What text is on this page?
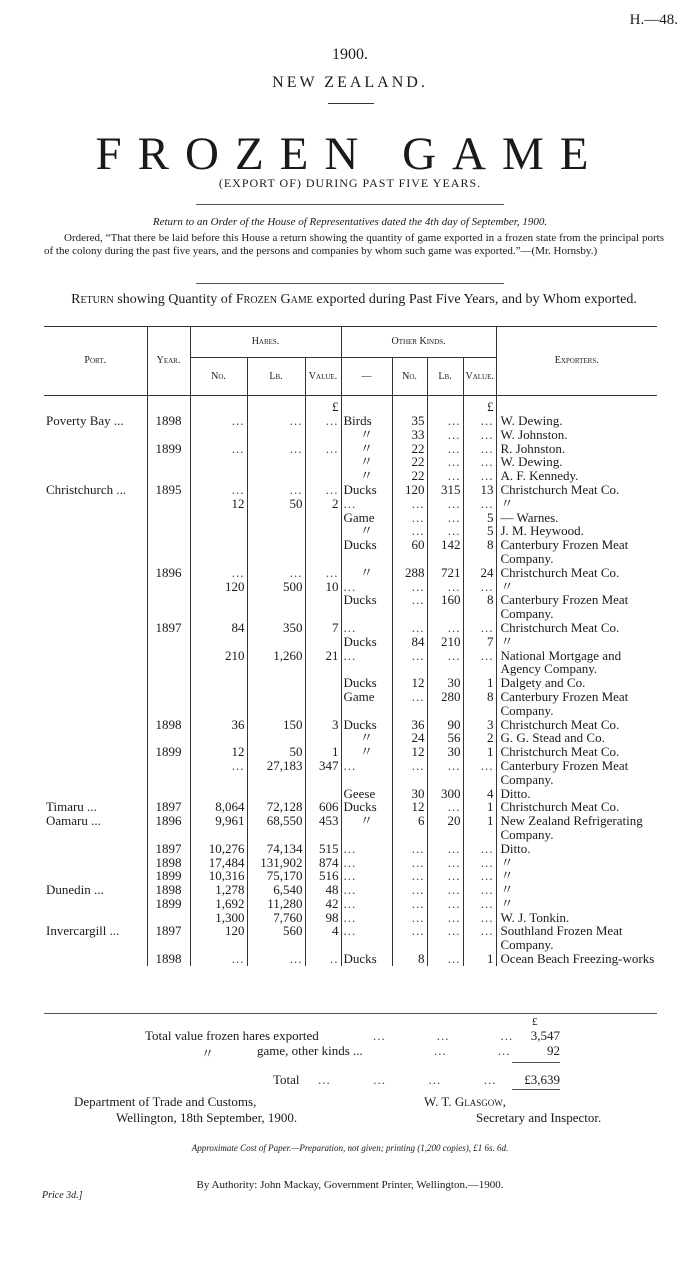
H.—48.
1900.
NEW ZEALAND.
FROZEN GAME
(EXPORT OF) DURING PAST FIVE YEARS.
Return to an Order of the House of Representatives dated the 4th day of September, 1900.
Ordered, “That there be laid before this House a return showing the quantity of game exported in a frozen state from the principal ports of the colony during the past five years, and the persons and companies by whom such game was exported.”—(Mr. Hornsby.)
Return showing Quantity of Frozen Game exported during Past Five Years, and by Whom exported.
Port.	Year.	Hares.			Other Kinds.				Exporters.
		No.	Lb.	Value.	—	No.	Lb.	Value.	
				£				£	
Poverty Bay ...	1898	...	...	...	Birds	35	...	...	W. Dewing.
					〃	33	...	...	W. Johnston.
	1899	...	...	...	〃	22	...	...	R. Johnston.
					〃	22	...	...	W. Dewing.
					〃	22	...	...	A. F. Kennedy.
Christchurch ...	1895	...	...	...	Ducks	120	315	13	Christchurch Meat Co.
		12	50	2	...	...	...	...	〃
					Game	...	...	5	— Warnes.
					〃	...	...	5	J. M. Heywood.
					Ducks	60	142	8	Canterbury Frozen Meat Company.
	1896	...	...	...	〃	288	721	24	Christchurch Meat Co.
		120	500	10	...	...	...	...	〃
					Ducks	...	160	8	Canterbury Frozen Meat Company.
	1897	84	350	7	...	...	...	...	Christchurch Meat Co.
					Ducks	84	210	7	〃
		210	1,260	21	...	...	...	...	National Mortgage and Agency Company.
					Ducks	12	30	1	Dalgety and Co.
					Game	...	280	8	Canterbury Frozen Meat Company.
	1898	36	150	3	Ducks	36	90	3	Christchurch Meat Co.
					〃	24	56	2	G. G. Stead and Co.
	1899	12	50	1	〃	12	30	1	Christchurch Meat Co.
		...	27,183	347	...	...	...	...	Canterbury Frozen Meat Company.
					Geese	30	300	4	Ditto.
Timaru ...	1897	8,064	72,128	606	Ducks	12	...	1	Christchurch Meat Co.
Oamaru ...	1896	9,961	68,550	453	〃	6	20	1	New Zealand Refrigerating Company.
	1897	10,276	74,134	515	...	...	...	...	Ditto.
	1898	17,484	131,902	874	...	...	...	...	〃
	1899	10,316	75,170	516	...	...	...	...	〃
Dunedin ...	1898	1,278	6,540	48	...	...	...	...	〃
	1899	1,692	11,280	42	...	...	...	...	〃
		1,300	7,760	98	...	...	...	...	W. J. Tonkin.
Invercargill ...	1897	120	560	4	...	...	...	...	Southland Frozen Meat Company.
	1898	...	...	..	Ducks	8	...	1	Ocean Beach Freezing-works
£
Total value frozen hares exported	...            ...            ...	3,547
〃	game, other kinds ...	...            ...	92
Total ...          ...          ...          ...	£3,639
Department of Trade and Customs,
Wellington, 18th September, 1900.
W. T. Glasgow,
Secretary and Inspector.
Approximate Cost of Paper.—Preparation, not given; printing (1,200 copies), £1 6s. 6d.
By Authority: John Mackay, Government Printer, Wellington.—1900.
Price 3d.]
